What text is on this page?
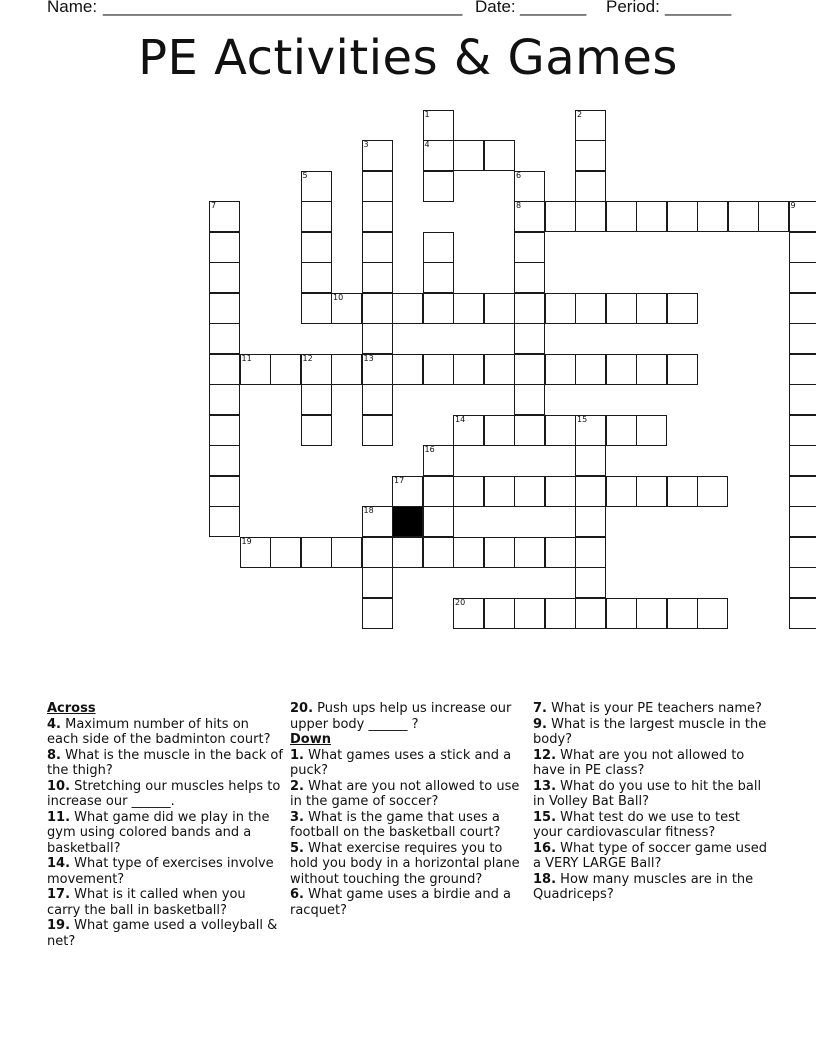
Name: ______________________________________ Date: _______ Period: _______
PE Activities & Games
8	9
10
11	12	13
14	15
17
19
20
4
1	2
3
5
7
6
16
18
Across
4. Maximum number of hits on each side of the badminton court?
8. What is the muscle in the back of the thigh?
10. Stretching our muscles helps to increase our ______.
11. What game did we play in the gym using colored bands and a basketball?
14. What type of exercises involve movement?
17. What is it called when you carry the ball in basketball?
19. What game used a volleyball & net?
20. Push ups help us increase our upper body ______ ?
Down
1. What games uses a stick and a puck?
2. What are you not allowed to use in the game of soccer?
3. What is the game that uses a football on the basketball court?
5. What exercise requires you to hold you body in a horizontal plane without touching the ground?
6. What game uses a birdie and a racquet?
7. What is your PE teachers name?
9. What is the largest muscle in the body?
12. What are you not allowed to have in PE class?
13. What do you use to hit the ball in Volley Bat Ball?
15. What test do we use to test your cardiovascular fitness?
16. What type of soccer game used a VERY LARGE Ball?
18. How many muscles are in the Quadriceps?
